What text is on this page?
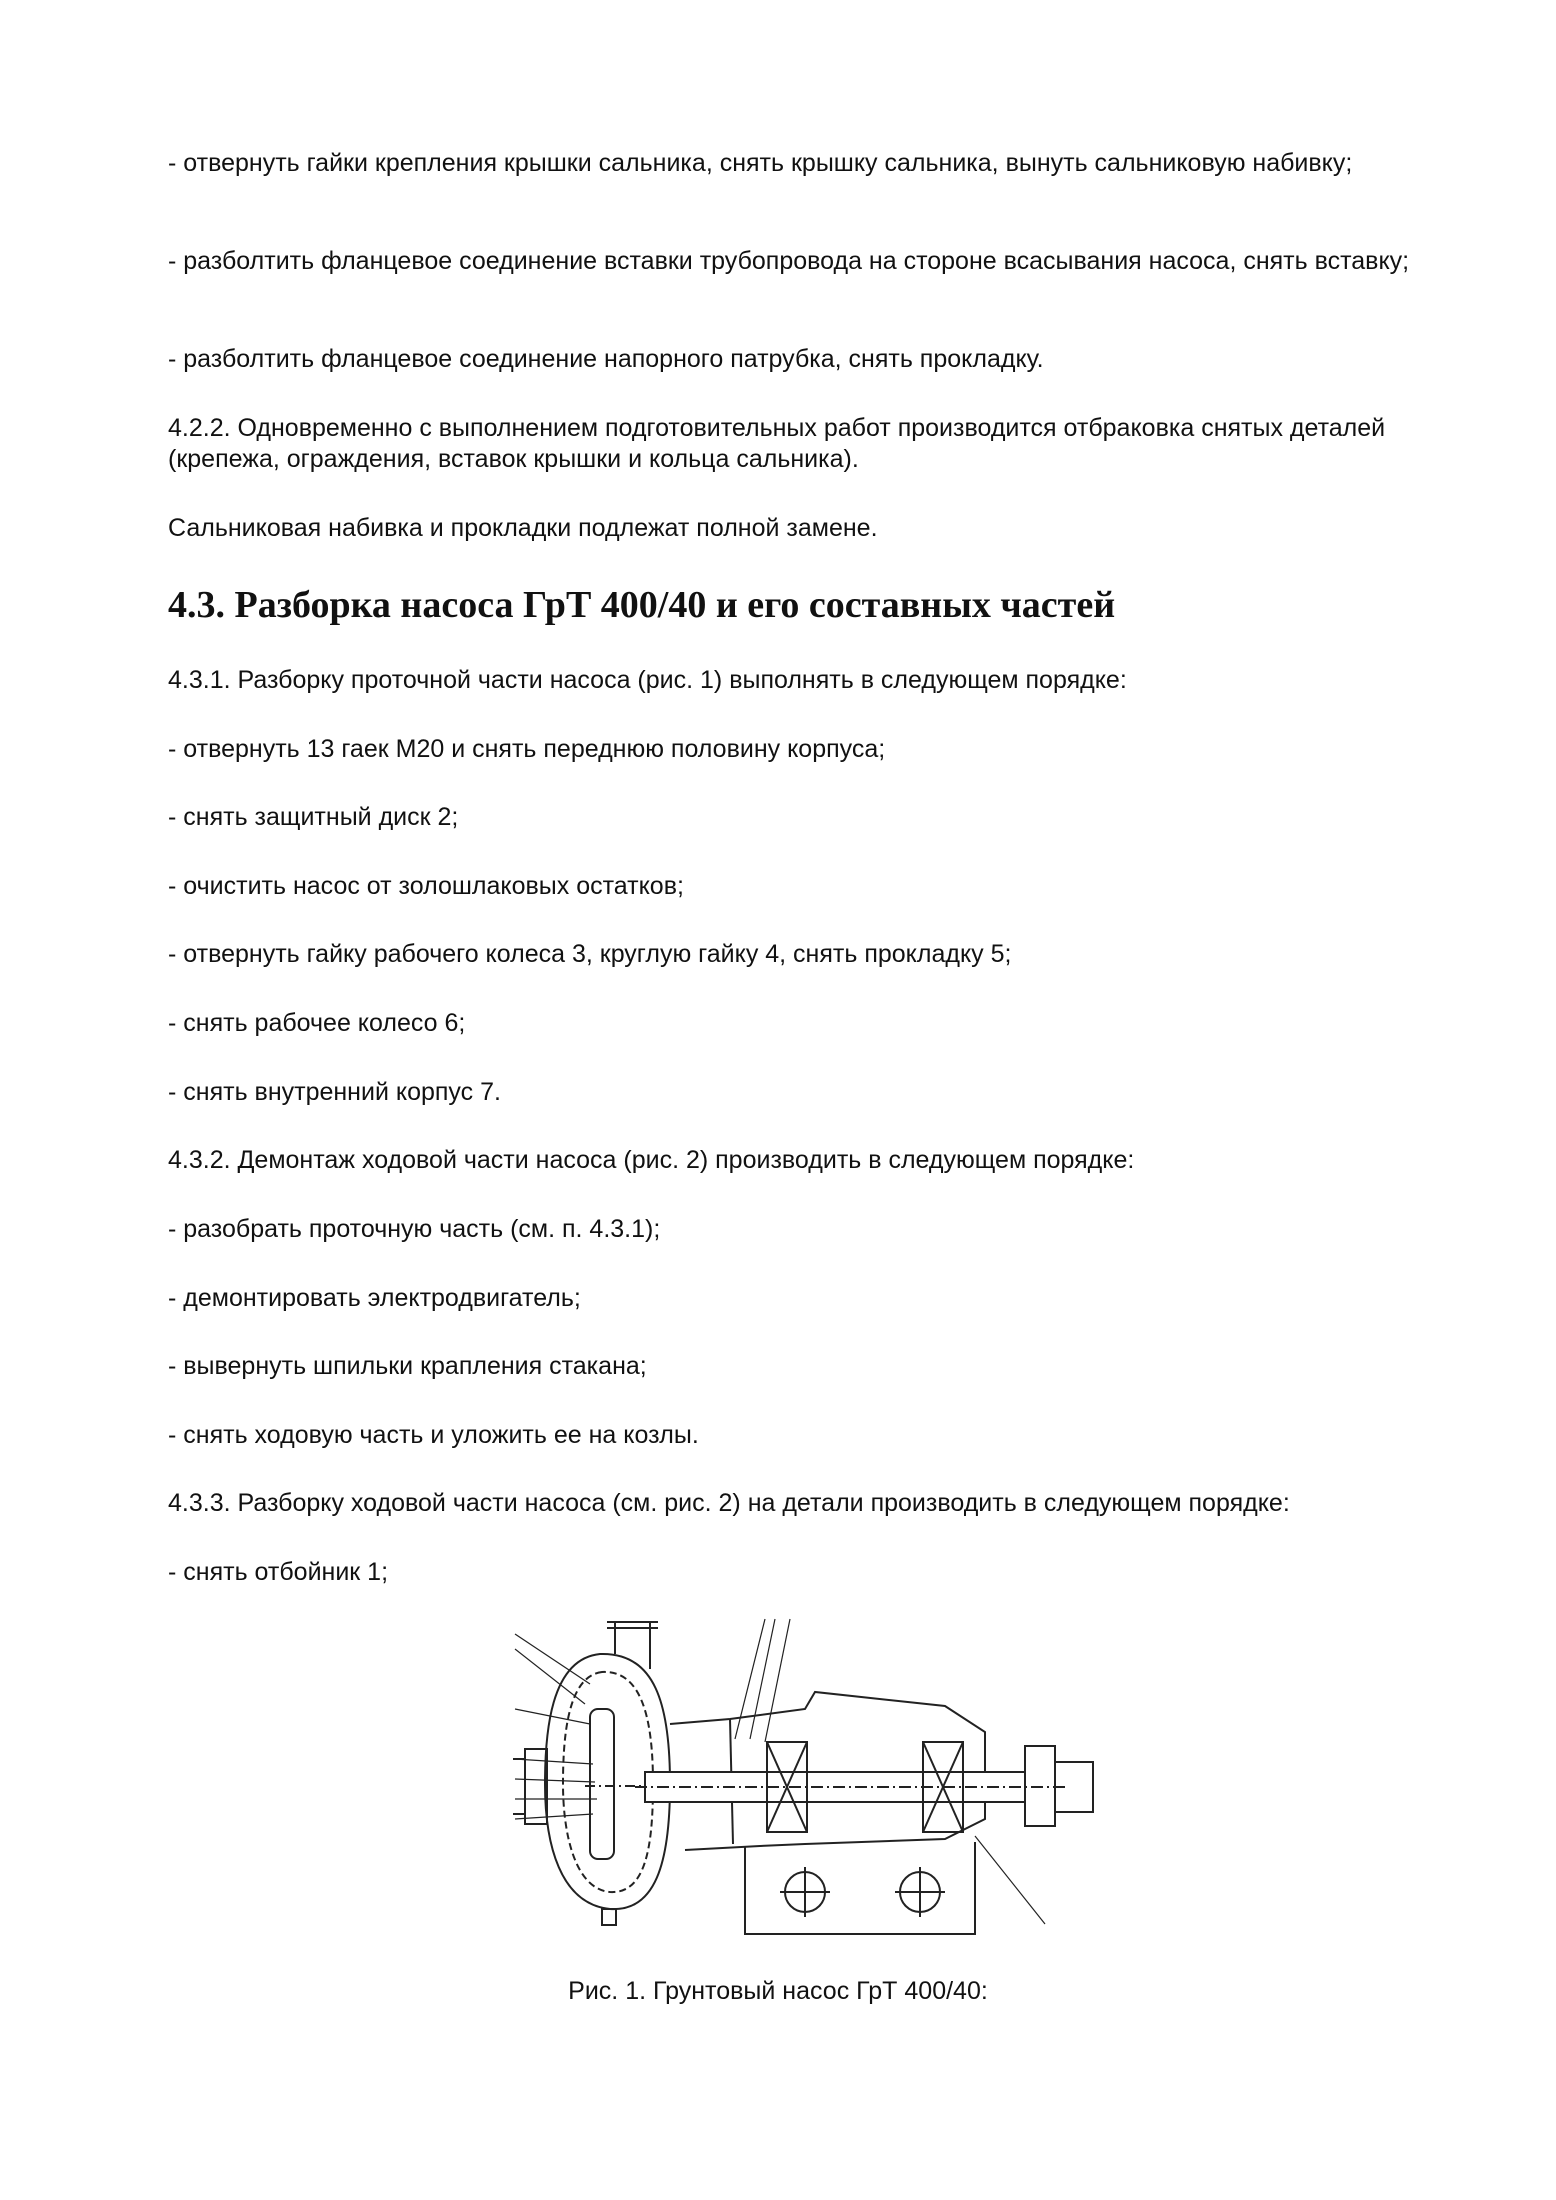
- отвернуть гайки крепления крышки сальника, снять крышку сальника, вынуть сальниковую набивку;

- разболтить фланцевое соединение вставки трубопровода на стороне всасывания насоса, снять вставку;

- разболтить фланцевое соединение напорного патрубка, снять прокладку.

4.2.2. Одновременно с выполнением подготовительных работ производится отбраковка снятых деталей (крепежа, ограждения, вставок крышки и кольца сальника).

Сальниковая набивка и прокладки подлежат полной замене.

4.3. Разборка насоса ГрТ 400/40 и его составных частей

4.3.1. Разборку проточной части насоса (рис. 1) выполнять в следующем порядке:

- отвернуть 13 гаек М20 и снять переднюю половину корпуса;

- снять защитный диск 2;

- очистить насос от золошлаковых остатков;

- отвернуть гайку рабочего колеса 3, круглую гайку 4, снять прокладку 5;

- снять рабочее колесо 6;

- снять внутренний корпус 7.

4.3.2. Демонтаж ходовой части насоса (рис. 2) производить в следующем порядке:

- разобрать проточную часть (см. п. 4.3.1);

- демонтировать электродвигатель;

- вывернуть шпильки крапления стакана;

- снять ходовую часть и уложить ее на козлы.

4.3.3. Разборку ходовой части насоса (см. рис. 2) на детали производить в следующем порядке:

- снять отбойник 1;

Рис. 1. Грунтовый насос ГрТ 400/40:
